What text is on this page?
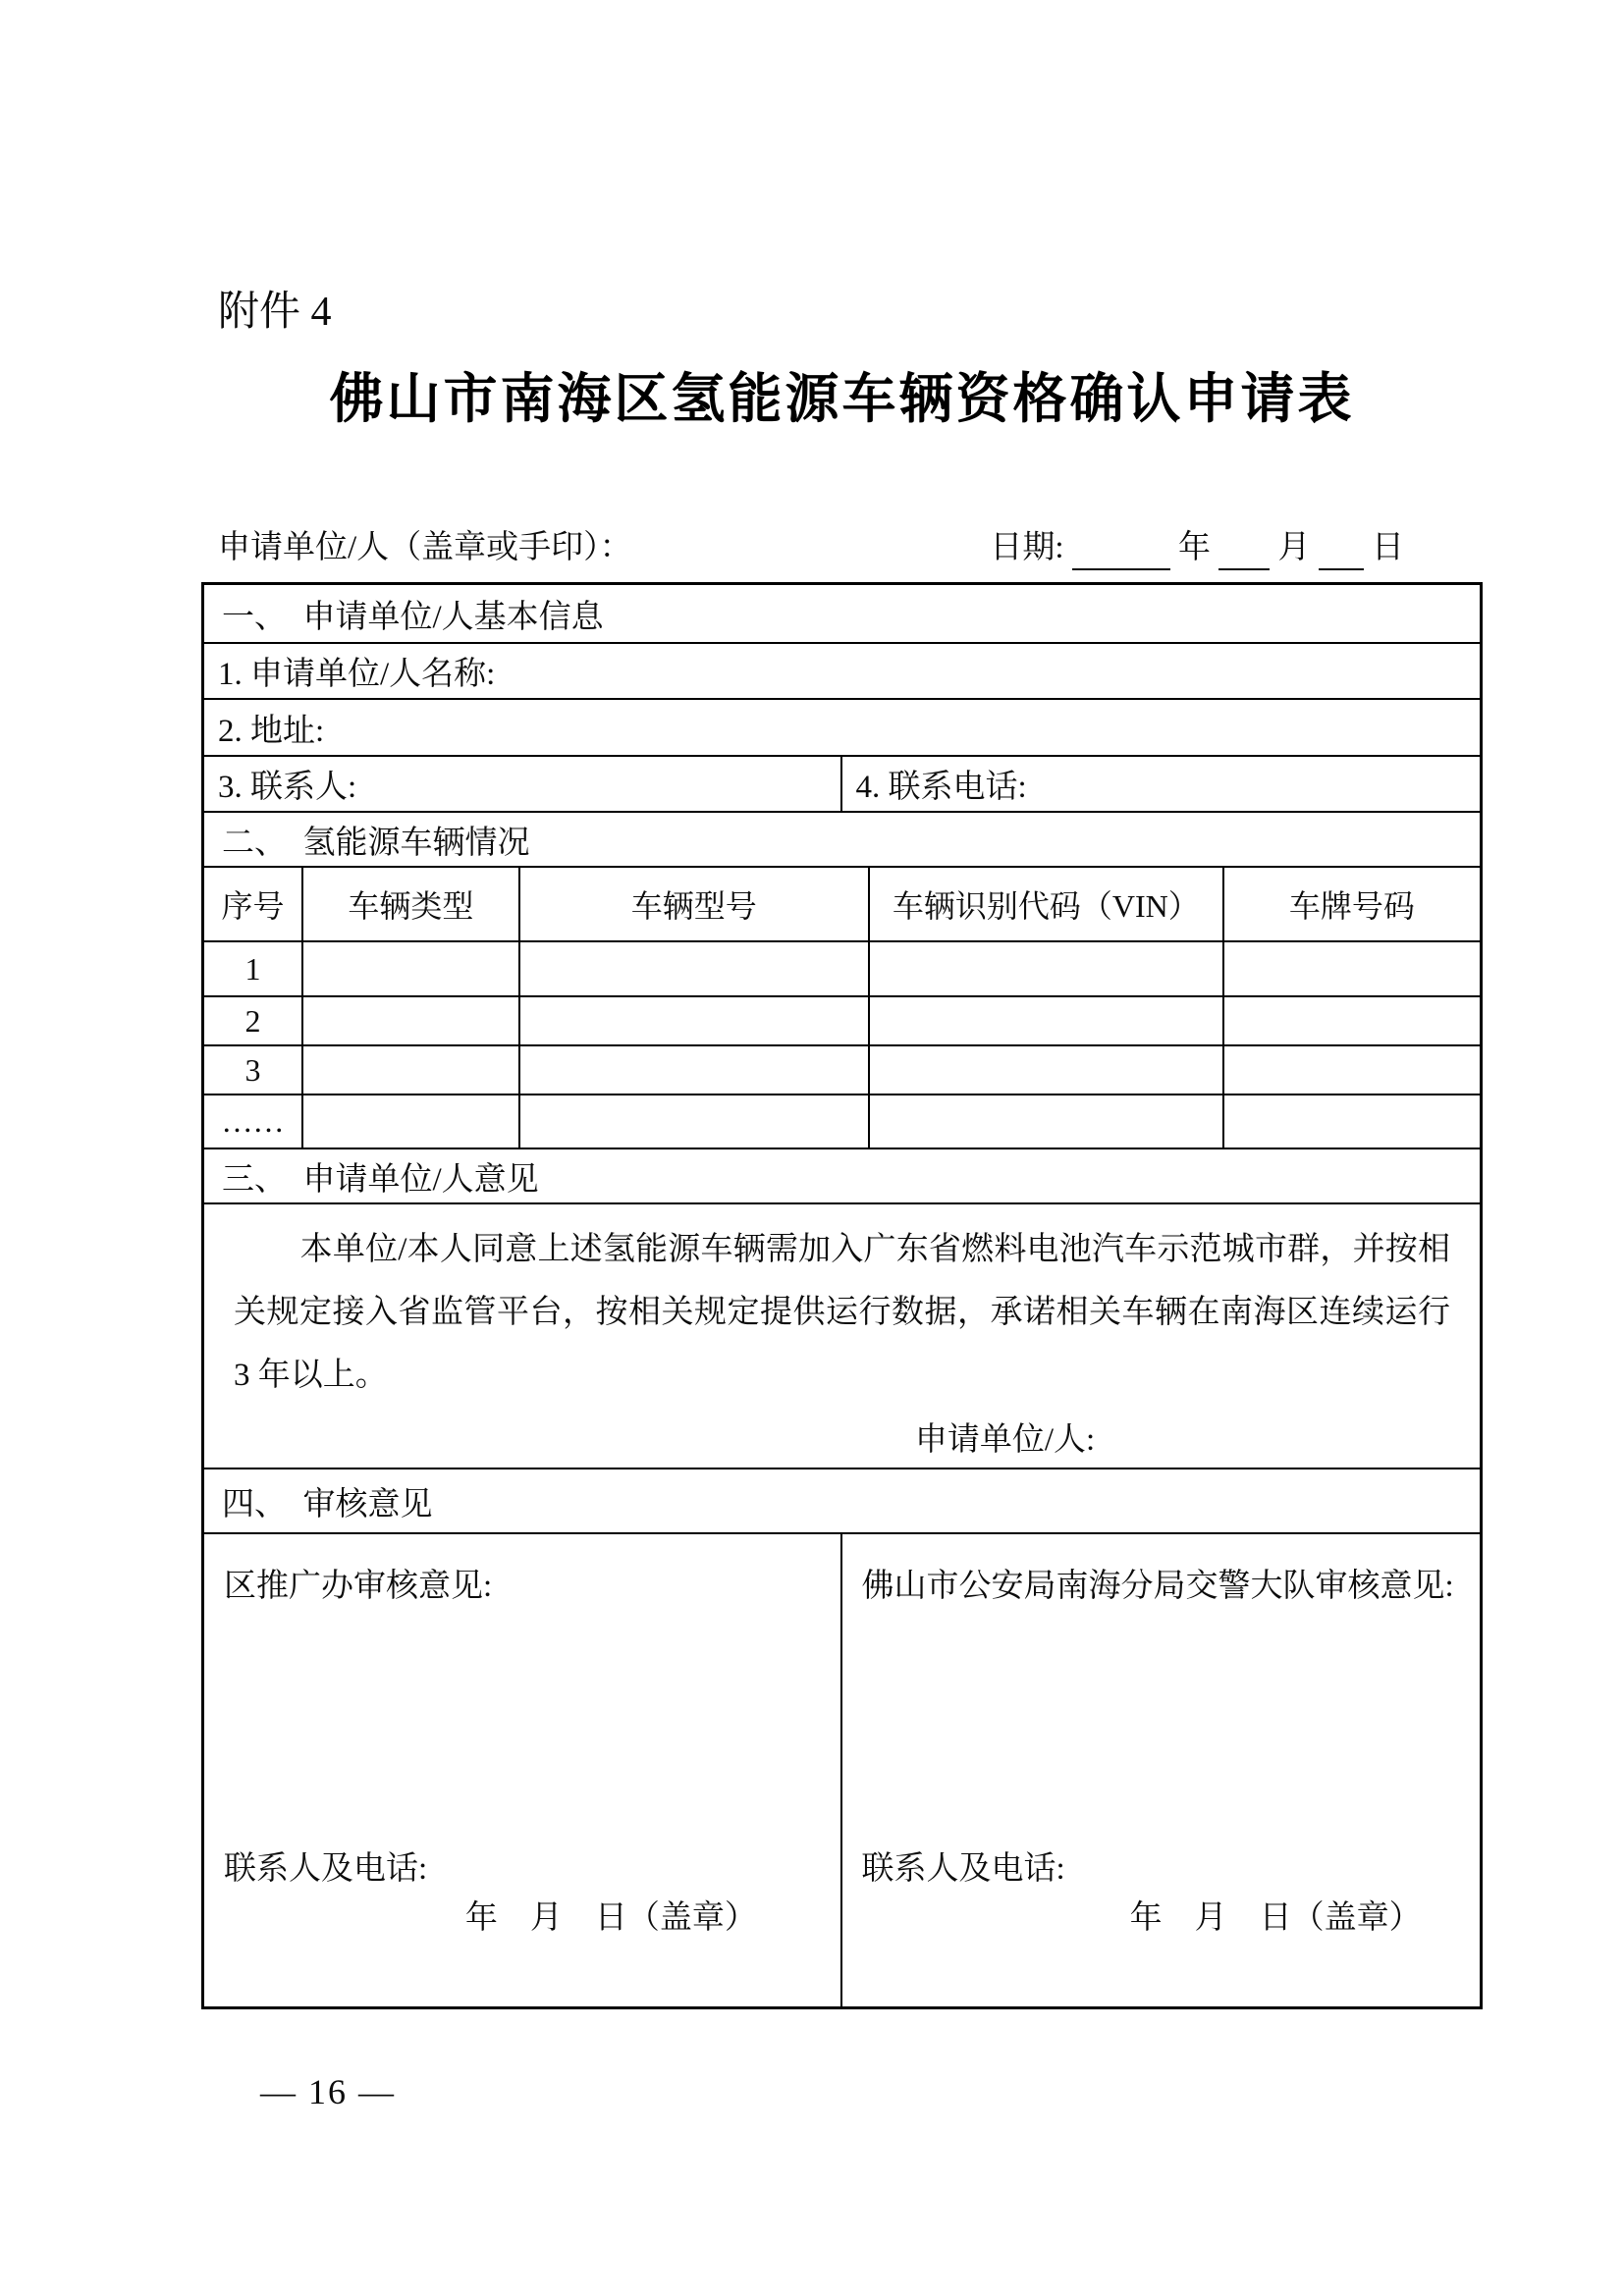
附件 4
佛山市南海区氢能源车辆资格确认申请表
申请单位/人（盖章或手印）：	日期:	年 月 日
一、　申请单位/人基本信息
1. 申请单位/人名称:
2. 地址:
3. 联系人:	4. 联系电话:
二、　氢能源车辆情况
序号	车辆类型	车辆型号	车辆识别代码（VIN）	车牌号码
1				
2				
3				
……				
三、　申请单位/人意见

本单位/本人同意上述氢能源车辆需加入广东省燃料电池汽车示范城市群，并按相关规定接入省监管平台，按相关规定提供运行数据，承诺相关车辆在南海区连续运行 3 年以上。

申请单位/人:
四、　审核意见
区推广办审核意见:
联系人及电话:
年　月　日（盖章）
佛山市公安局南海分局交警大队审核意见:
联系人及电话:
年　月　日（盖章）
— 16 —
